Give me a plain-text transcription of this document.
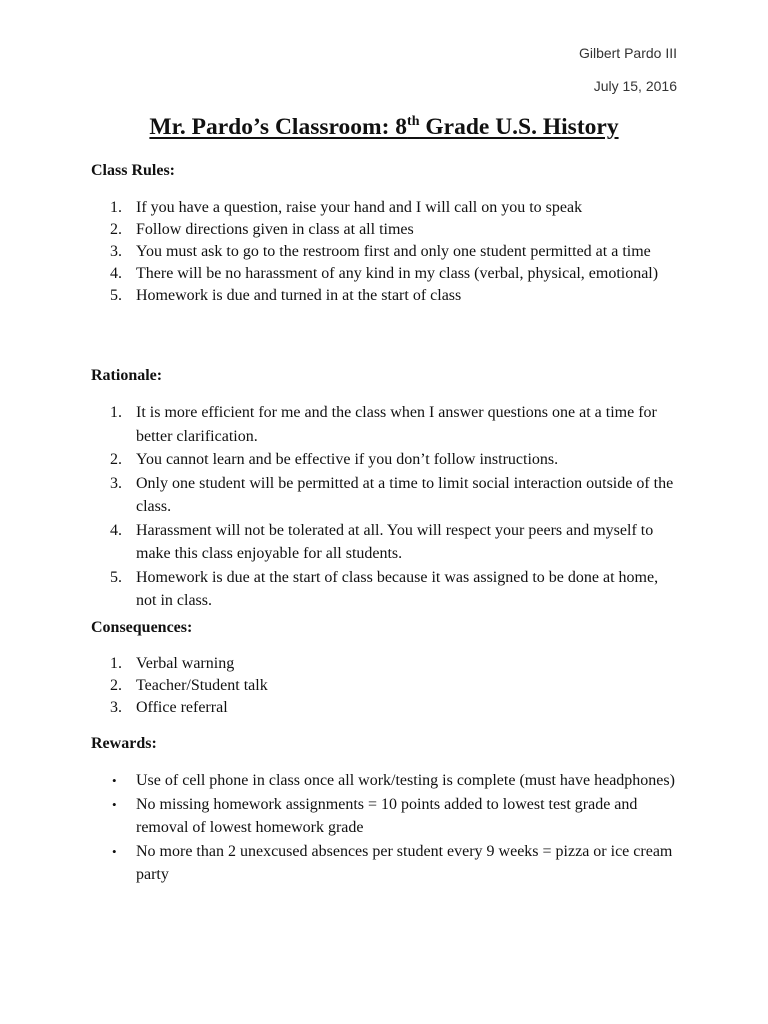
Gilbert Pardo III
July 15, 2016
Mr. Pardo’s Classroom: 8th Grade U.S. History
Class Rules:
1. If you have a question, raise your hand and I will call on you to speak
2. Follow directions given in class at all times
3. You must ask to go to the restroom first and only one student permitted at a time
4. There will be no harassment of any kind in my class (verbal, physical, emotional)
5. Homework is due and turned in at the start of class
Rationale:
1. It is more efficient for me and the class when I answer questions one at a time for better clarification.
2. You cannot learn and be effective if you don’t follow instructions.
3. Only one student will be permitted at a time to limit social interaction outside of the class.
4. Harassment will not be tolerated at all. You will respect your peers and myself to make this class enjoyable for all students.
5. Homework is due at the start of class because it was assigned to be done at home, not in class.
Consequences:
1. Verbal warning
2. Teacher/Student talk
3. Office referral
Rewards:
• Use of cell phone in class once all work/testing is complete (must have headphones)
• No missing homework assignments = 10 points added to lowest test grade and removal of lowest homework grade
• No more than 2 unexcused absences per student every 9 weeks = pizza or ice cream party
